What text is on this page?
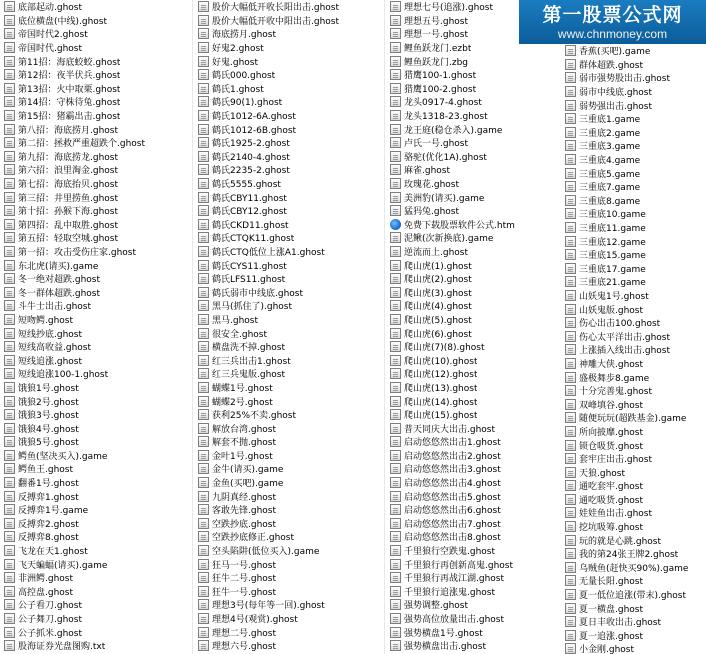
底部起动.ghost
底位横盘(中线).ghost
帝国时代2.ghost
帝国时代.ghost
第11招：海底蛟蛟.ghost
第12招：夜半伏兵.ghost
第13招：火中取栗.ghost
第14招：守株待兔.ghost
第15招：猪霸出击.ghost
第八招：海底捞月.ghost
第二招：拯救严重超跌个.ghost
第九招：海底捞龙.ghost
第六招：浪里淘金.ghost
第七招：海底抬贝.ghost
第三招：井里捞鱼.ghost
第十招：孙猴下海.ghost
第四招：乱中取胜.ghost
第五招：轻取空城.ghost
第一招：攻击受伤庄家.ghost
东北虎(请买).game
冬一绝对超跌.ghost
冬一群体超跌.ghost
斗牛士出击.ghost
短吻鳄.ghost
短线抄底.ghost
短线高收益.ghost
短线追涨.ghost
短线追涨100-1.ghost
饿狼1号.ghost
饿狼2号.ghost
饿狼3号.ghost
饿狼4号.ghost
饿狼5号.ghost
鳄鱼(坚决买入).game
鳄鱼王.ghost
翻番1号.ghost
反搏弈1.ghost
反搏弈1号.game
反搏弈2.ghost
反搏弈8.ghost
飞龙在天1.ghost
飞天蝙蝠(请买).game
非洲鳄.ghost
高控盘.ghost
公子看刀.ghost
公子舞刀.ghost
公子抓米.ghost
股海证券光盘图购.txt
股价大幅低开收长阳出击.ghost
股价大幅低开收中阳出击.ghost
海底捞月.ghost
好鬼2.ghost
好鬼.ghost
鹤氏000.ghost
鹤氏1.ghost
鹤氏90(1).ghost
鹤氏1012-6A.ghost
鹤氏1012-6B.ghost
鹤氏1925-2.ghost
鹤氏2140-4.ghost
鹤氏2235-2.ghost
鹤氏5555.ghost
鹤氏CBY11.ghost
鹤氏CBY12.ghost
鹤氏CKD11.ghost
鹤氏CTQK11.ghost
鹤氏CTQ低位上涨A1.ghost
鹤氏CYS11.ghost
鹤氏LFS11.ghost
鹤氏弱市中线底.ghost
黑马(抓住了).ghost
黑马.ghost
很安全.ghost
横盘洗不掉.ghost
红三兵出击1.ghost
红三兵鬼版.ghost
蝴蝶1号.ghost
蝴蝶2号.ghost
获利25%不卖.ghost
解放台湾.ghost
解套不抛.ghost
金叶1号.ghost
金牛(请买).game
金鱼(买吧).game
九阴真经.ghost
客敢先锋.ghost
空跌抄底.ghost
空跌抄底修正.ghost
空头陷阱(低位买入).game
狂马一号.ghost
狂牛二号.ghost
狂牛一号.ghost
理想3号(每年等一回).ghost
理想4号(观赏).ghost
理想二号.ghost
理想六号.ghost
理想七号(追涨).ghost
理想五号.ghost
理想一号.ghost
鲤鱼跃龙门.ezbt
鲤鱼跃龙门.zbg
猎鹰100-1.ghost
猎鹰100-2.ghost
龙头0917-4.ghost
龙头1318-23.ghost
龙王庭(稳仓杀入).game
卢氏一号.ghost
骆驼(优化1A).ghost
麻雀.ghost
玫瑰花.ghost
美洲豹(请买).game
猛犸兔.ghost
免费下载股票软件公式.htm
泥鳅(次新换底).game
逆流而上.ghost
爬山虎(1).ghost
爬山虎(2).ghost
爬山虎(3).ghost
爬山虎(4).ghost
爬山虎(5).ghost
爬山虎(6).ghost
爬山虎(7)(8).ghost
爬山虎(10).ghost
爬山虎(12).ghost
爬山虎(13).ghost
爬山虎(14).ghost
爬山虎(15).ghost
普天同庆大出击.ghost
启动悠悠然出击1.ghost
启动悠悠然出击2.ghost
启动悠悠然出击3.ghost
启动悠悠然出击4.ghost
启动悠悠然出击5.ghost
启动悠悠然出击6.ghost
启动悠悠然出击7.ghost
启动悠悠然出击8.ghost
千里狼行空跌鬼.ghost
千里狼行再创新高鬼.ghost
千里狼行再战江湖.ghost
千里狼行追涨鬼.ghost
强势调整.ghost
强势高位放量出击.ghost
强势横盘1号.ghost
强势横盘出击.ghost
香蕉(买吧).game
群体超跌.ghost
弱市强势股出击.ghost
弱市中线底.ghost
弱势强出击.ghost
三重底1.game
三重底2.game
三重底3.game
三重底4.game
三重底5.game
三重底7.game
三重底8.game
三重底10.game
三重底11.game
三重底12.game
三重底15.game
三重底17.game
三重底21.game
山妖鬼1号.ghost
山妖鬼版.ghost
伤心出击100.ghost
伤心太平洋出击.ghost
上涨插入线出击.ghost
神雕大侠.ghost
盛极舞步8.game
十分完善鬼.ghost
双峰填谷.ghost
随便玩玩(超跌基金).game
所向披靡.ghost
锁仓吸货.ghost
套牢庄出击.ghost
天狼.ghost
通吃套牢.ghost
通吃吸货.ghost
娃娃鱼出击.ghost
挖坑吸筹.ghost
玩的就是心跳.ghost
我的第24张王牌2.ghost
乌贼鱼(赶快买90%).game
无量长阳.ghost
夏一低位追涨(带末).ghost
夏一横盘.ghost
夏日丰收出击.ghost
夏一追涨.ghost
小金刚.ghost
第一股票公式网
www.chnmoney.com
